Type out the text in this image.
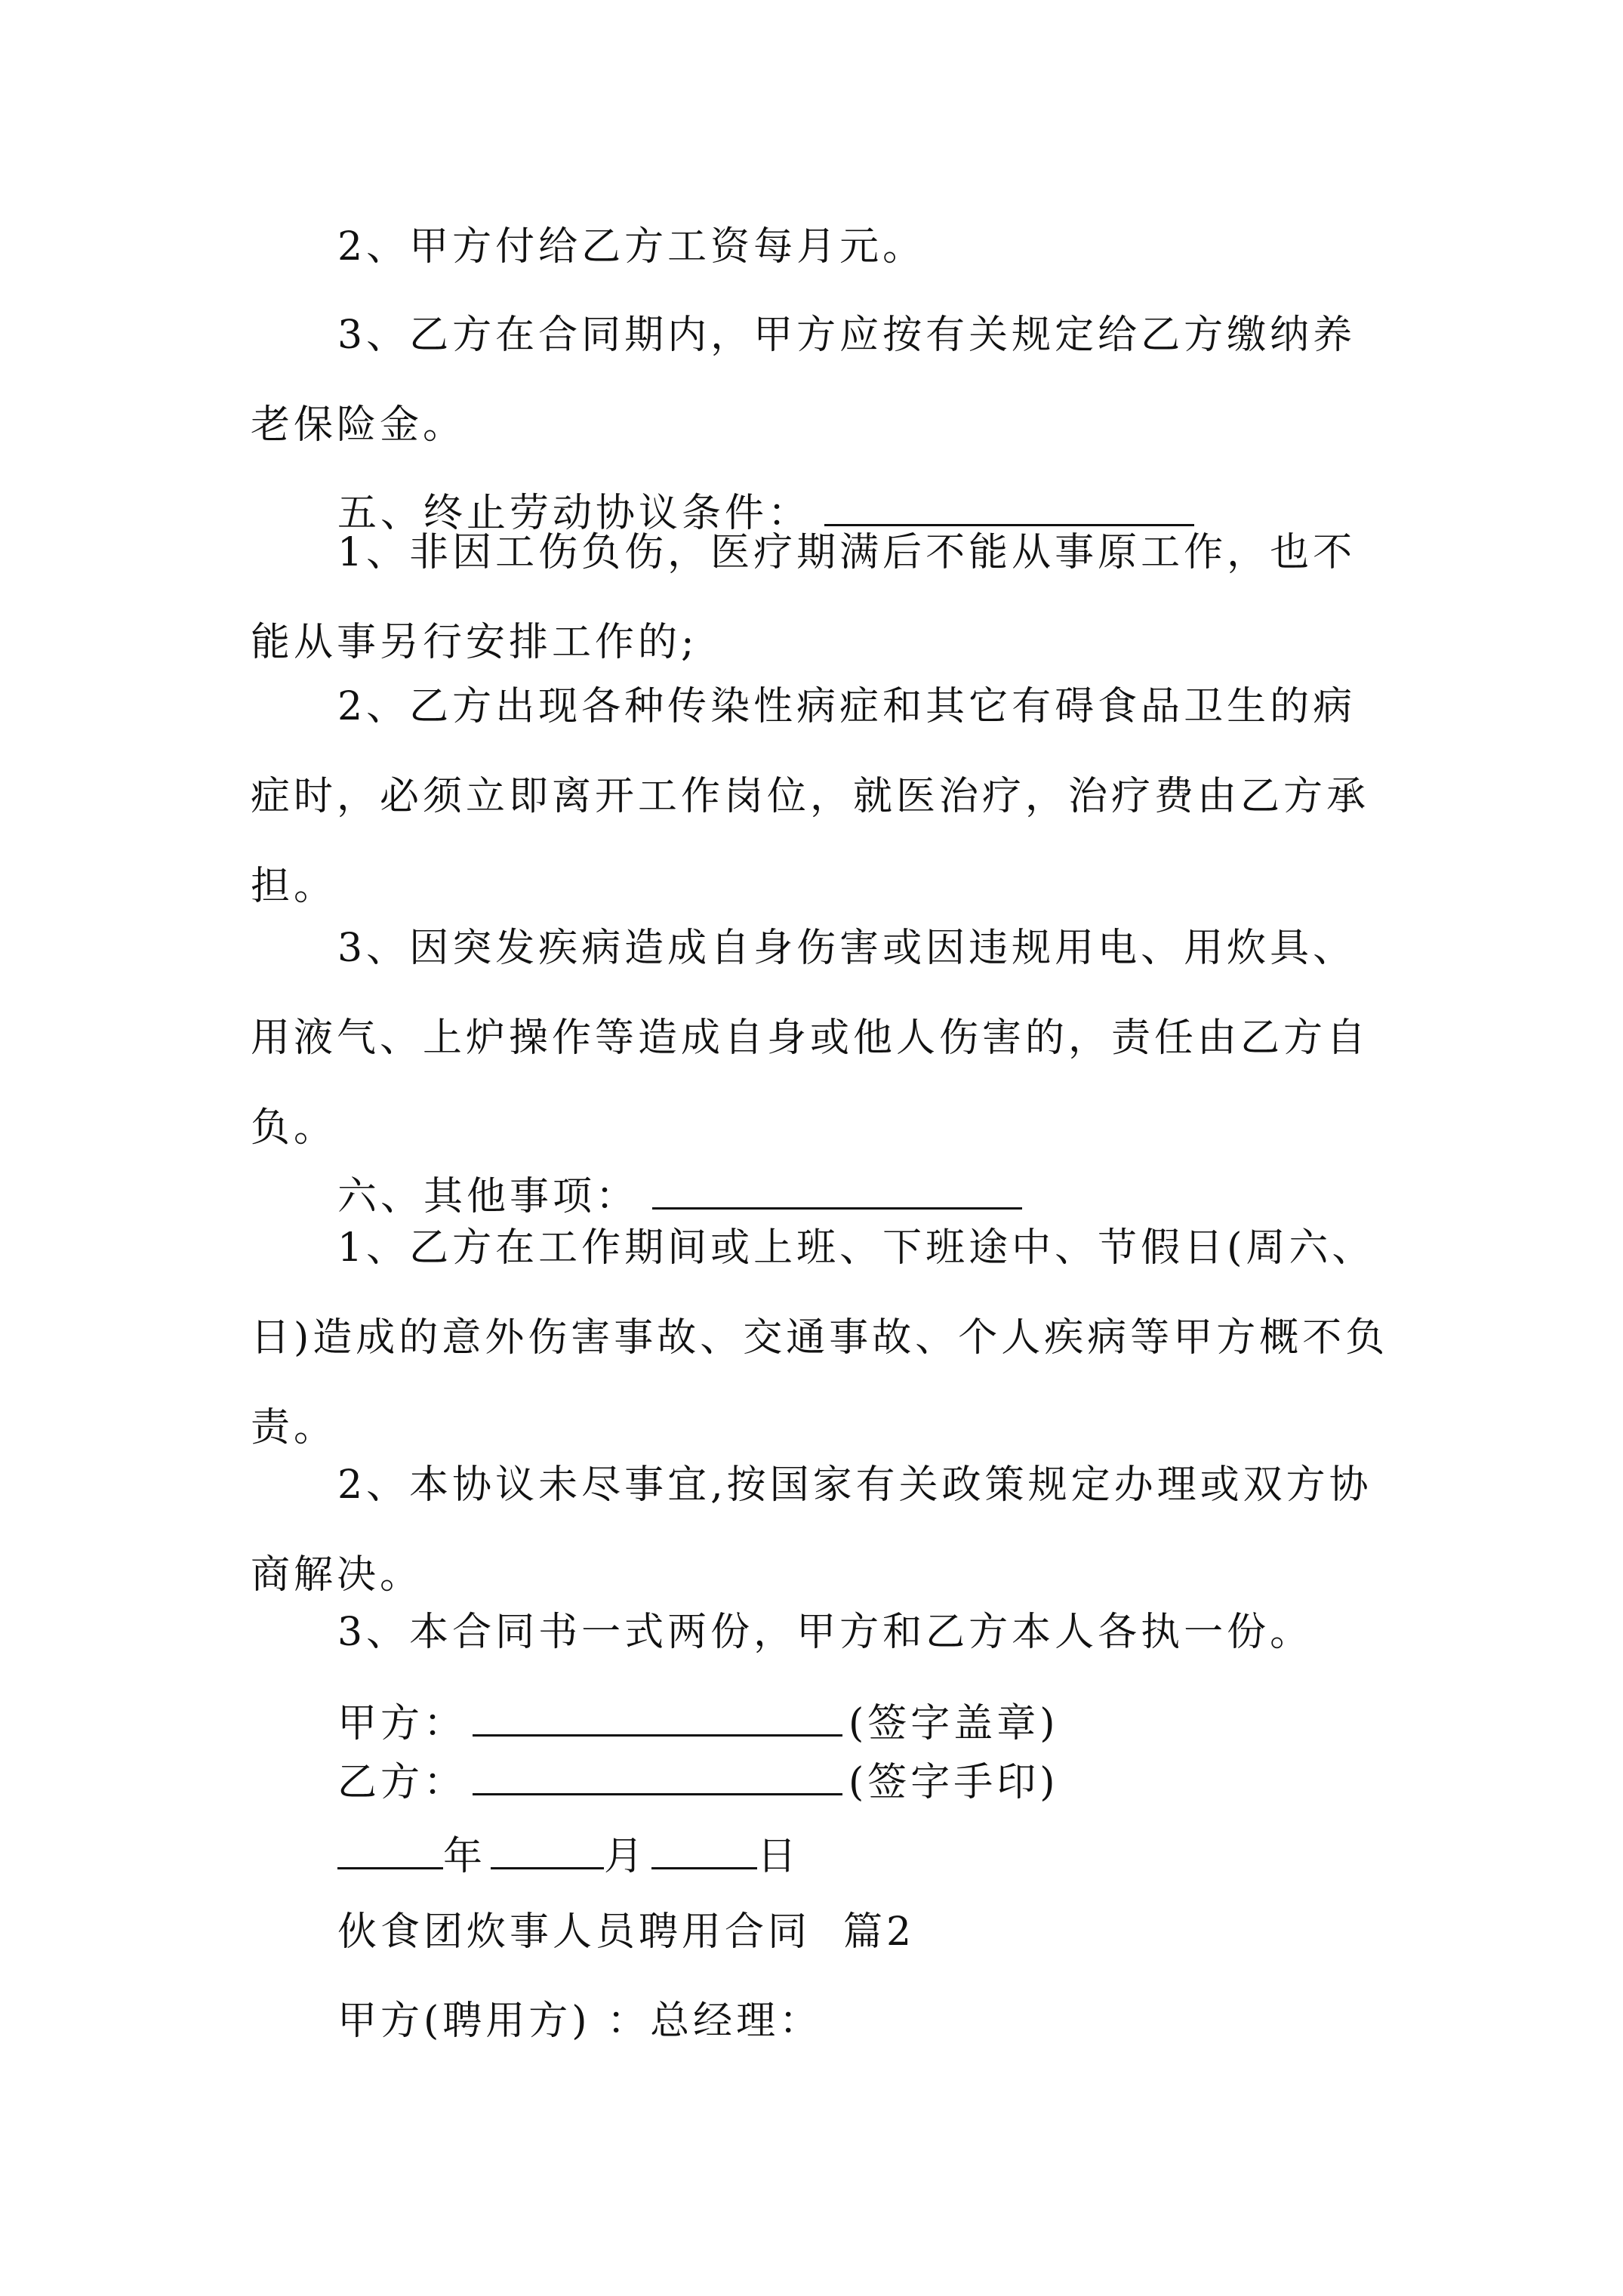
2、甲方付给乙方工资每月元。

3、乙方在合同期内，甲方应按有关规定给乙方缴纳养老保险金。

五、终止劳动协议条件：

1、非因工伤负伤，医疗期满后不能从事原工作，也不能从事另行安排工作的;

2、乙方出现各种传染性病症和其它有碍食品卫生的病症时，必须立即离开工作岗位，就医治疗，治疗费由乙方承担。

3、因突发疾病造成自身伤害或因违规用电、用炊具、用液气、上炉操作等造成自身或他人伤害的，责任由乙方自负。

六、其他事项：

1、乙方在工作期间或上班、下班途中、节假日(周六、日)造成的意外伤害事故、交通事故、个人疾病等甲方概不负责。

2、本协议未尽事宜,按国家有关政策规定办理或双方协商解决。

3、本合同书一式两份，甲方和乙方本人各执一份。

甲方：	(签字盖章)

乙方：	(签字手印)

年	月	日

伙食团炊事人员聘用合同  篇2

甲方(聘用方) ：总经理：
